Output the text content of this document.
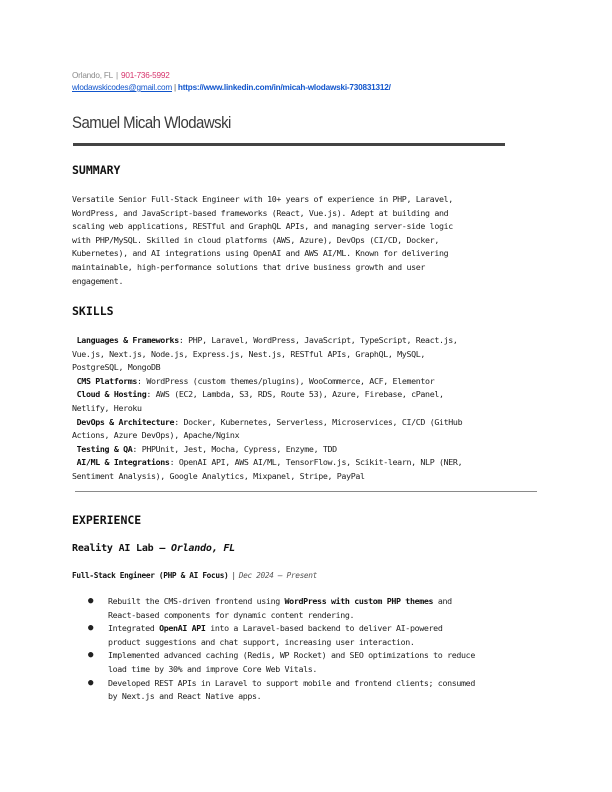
Orlando, FL | 901-736-5992
wlodawskicodes@gmail.com | https://www.linkedin.com/in/micah-wlodawski-730831312/
Samuel Micah Wlodawski
SUMMARY
Versatile Senior Full-Stack Engineer with 10+ years of experience in PHP, Laravel,
WordPress, and JavaScript-based frameworks (React, Vue.js). Adept at building and
scaling web applications, RESTful and GraphQL APIs, and managing server-side logic
with PHP/MySQL. Skilled in cloud platforms (AWS, Azure), DevOps (CI/CD, Docker,
Kubernetes), and AI integrations using OpenAI and AWS AI/ML. Known for delivering
maintainable, high-performance solutions that drive business growth and user
engagement.
SKILLS
Languages & Frameworks: PHP, Laravel, WordPress, JavaScript, TypeScript, React.js,
Vue.js, Next.js, Node.js, Express.js, Nest.js, RESTful APIs, GraphQL, MySQL,
PostgreSQL, MongoDB
CMS Platforms: WordPress (custom themes/plugins), WooCommerce, ACF, Elementor
Cloud & Hosting: AWS (EC2, Lambda, S3, RDS, Route 53), Azure, Firebase, cPanel,
Netlify, Heroku
DevOps & Architecture: Docker, Kubernetes, Serverless, Microservices, CI/CD (GitHub
Actions, Azure DevOps), Apache/Nginx
Testing & QA: PHPUnit, Jest, Mocha, Cypress, Enzyme, TDD
AI/ML & Integrations: OpenAI API, AWS AI/ML, TensorFlow.js, Scikit-learn, NLP (NER,
Sentiment Analysis), Google Analytics, Mixpanel, Stripe, PayPal
EXPERIENCE
Reality AI Lab – Orlando, FL
Full-Stack Engineer (PHP & AI Focus) | Dec 2024 – Present
● Rebuilt the CMS-driven frontend using WordPress with custom PHP themes and
React-based components for dynamic content rendering.
● Integrated OpenAI API into a Laravel-based backend to deliver AI-powered
product suggestions and chat support, increasing user interaction.
● Implemented advanced caching (Redis, WP Rocket) and SEO optimizations to reduce
load time by 30% and improve Core Web Vitals.
● Developed REST APIs in Laravel to support mobile and frontend clients; consumed
by Next.js and React Native apps.
